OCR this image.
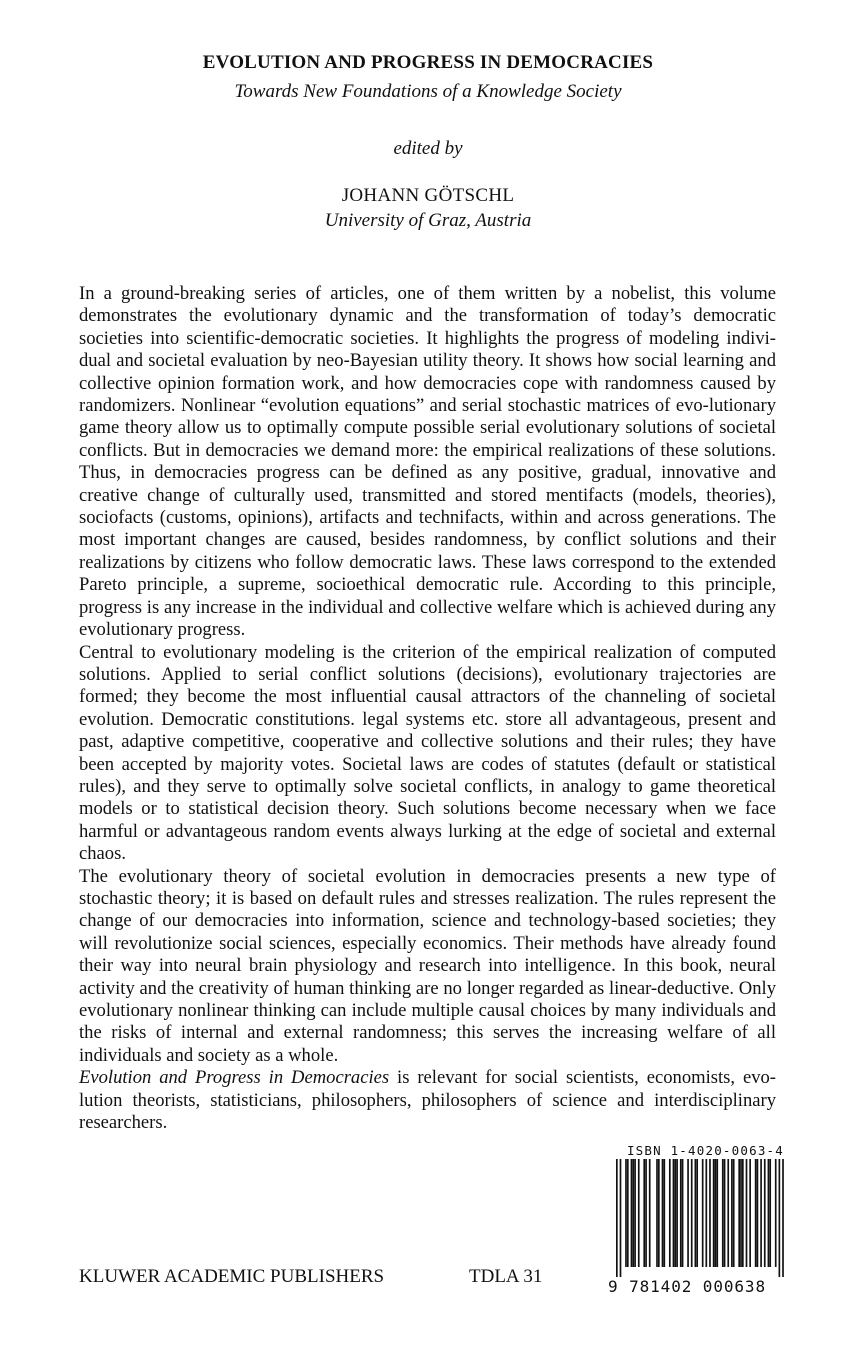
EVOLUTION AND PROGRESS IN DEMOCRACIES
Towards New Foundations of a Knowledge Society
edited by
JOHANN GÖTSCHL
University of Graz, Austria

In a ground-breaking series of articles, one of them written by a nobelist, this volume demonstrates the evolutionary dynamic and the transformation of today’s democratic societies into scientific-democratic societies. It highlights the progress of modeling individual and societal evaluation by neo-Bayesian utility theory. It shows how social learning and collective opinion formation work, and how democracies cope with randomness caused by randomizers. Nonlinear “evolution equations” and serial stochastic matrices of evo-lutionary game theory allow us to optimally compute possible serial evolutionary solutions of societal conflicts. But in democracies we demand more: the empirical realizations of these solutions. Thus, in democracies progress can be defined as any positive, gradual, innovative and creative change of culturally used, transmitted and stored mentifacts (models, theories), sociofacts (customs, opinions), artifacts and technifacts, within and across generations. The most important changes are caused, besides randomness, by conflict solutions and their realizations by citizens who follow democratic laws. These laws correspond to the extended Pareto principle, a supreme, socioethical democratic rule. According to this principle, progress is any increase in the individual and collective welfare which is achieved during any evolutionary progress.

Central to evolutionary modeling is the criterion of the empirical realization of computed solutions. Applied to serial conflict solutions (decisions), evolutionary trajectories are formed; they become the most influential causal attractors of the channeling of societal evolution. Democratic constitutions. legal systems etc. store all advantageous, present and past, adaptive competitive, cooperative and collective solutions and their rules; they have been accepted by majority votes. Societal laws are codes of statutes (default or statistical rules), and they serve to optimally solve societal conflicts, in analogy to game theoretical models or to statistical decision theory. Such solutions become necessary when we face harmful or advantageous random events always lurking at the edge of societal and external chaos.

The evolutionary theory of societal evolution in democracies presents a new type of stochastic theory; it is based on default rules and stresses realization. The rules represent the change of our democracies into information, science and technology-based societies; they will revolutionize social sciences, especially economics. Their methods have already found their way into neural brain physiology and research into intelligence. In this book, neural activity and the creativity of human thinking are no longer regarded as linear-deductive. Only evolutionary nonlinear thinking can include multiple causal choices by many individuals and the risks of internal and external randomness; this serves the increasing welfare of all individuals and society as a whole.

Evolution and Progress in Democracies is relevant for social scientists, economists, evolution theorists, statisticians, philosophers, philosophers of science and interdisciplinary researchers.

ISBN 1-4020-0063-4
9 781402 000638
KLUWER ACADEMIC PUBLISHERS	TDLA 31
